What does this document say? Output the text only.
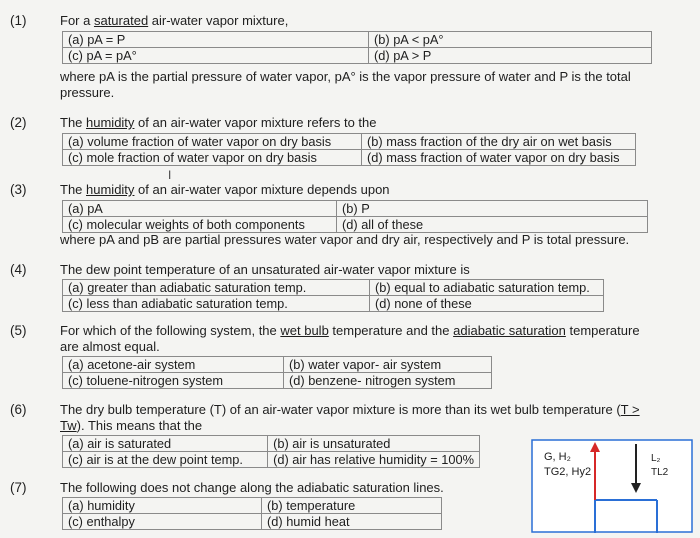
(1)	For a saturated air-water vapor mixture,
(a) pA = P	(b) pA < pA°
(c) pA = pA°	(d) pA > P
where pA is the partial pressure of water vapor, pA° is the vapor pressure of water and P is the total pressure.
(2)	The humidity of an air-water vapor mixture refers to the
(a) volume fraction of water vapor on dry basis	(b) mass fraction of the dry air on wet basis
(c) mole fraction of water vapor on dry basis	(d) mass fraction of water vapor on dry basis
(3)	The humidity of an air-water vapor mixture depends upon
(a) pA	(b) P
(c) molecular weights of both components	(d) all of these
where pA and pB are partial pressures water vapor and dry air, respectively and P is total pressure.
(4)	The dew point temperature of an unsaturated air-water vapor mixture is
(a) greater than adiabatic saturation temp.	(b) equal to adiabatic saturation temp.
(c) less than adiabatic saturation temp.	(d) none of these
(5)	For which of the following system, the wet bulb temperature and the adiabatic saturation temperature
are almost equal.
(a) acetone-air system	(b) water vapor- air system
(c) toluene-nitrogen system	(d) benzene- nitrogen system
(6)	The dry bulb temperature (T) of an air-water vapor mixture is more than its wet bulb temperature (T >
Tw). This means that the
(a) air is saturated	(b) air is unsaturated
(c) air is at the dew point temp.	(d) air has relative humidity = 100%
(7)	The following does not change along the adiabatic saturation lines.
(a) humidity	(b) temperature
(c) enthalpy	(d) humid heat
I
G, H₂
TG2, Hy2
L₂
TL2
